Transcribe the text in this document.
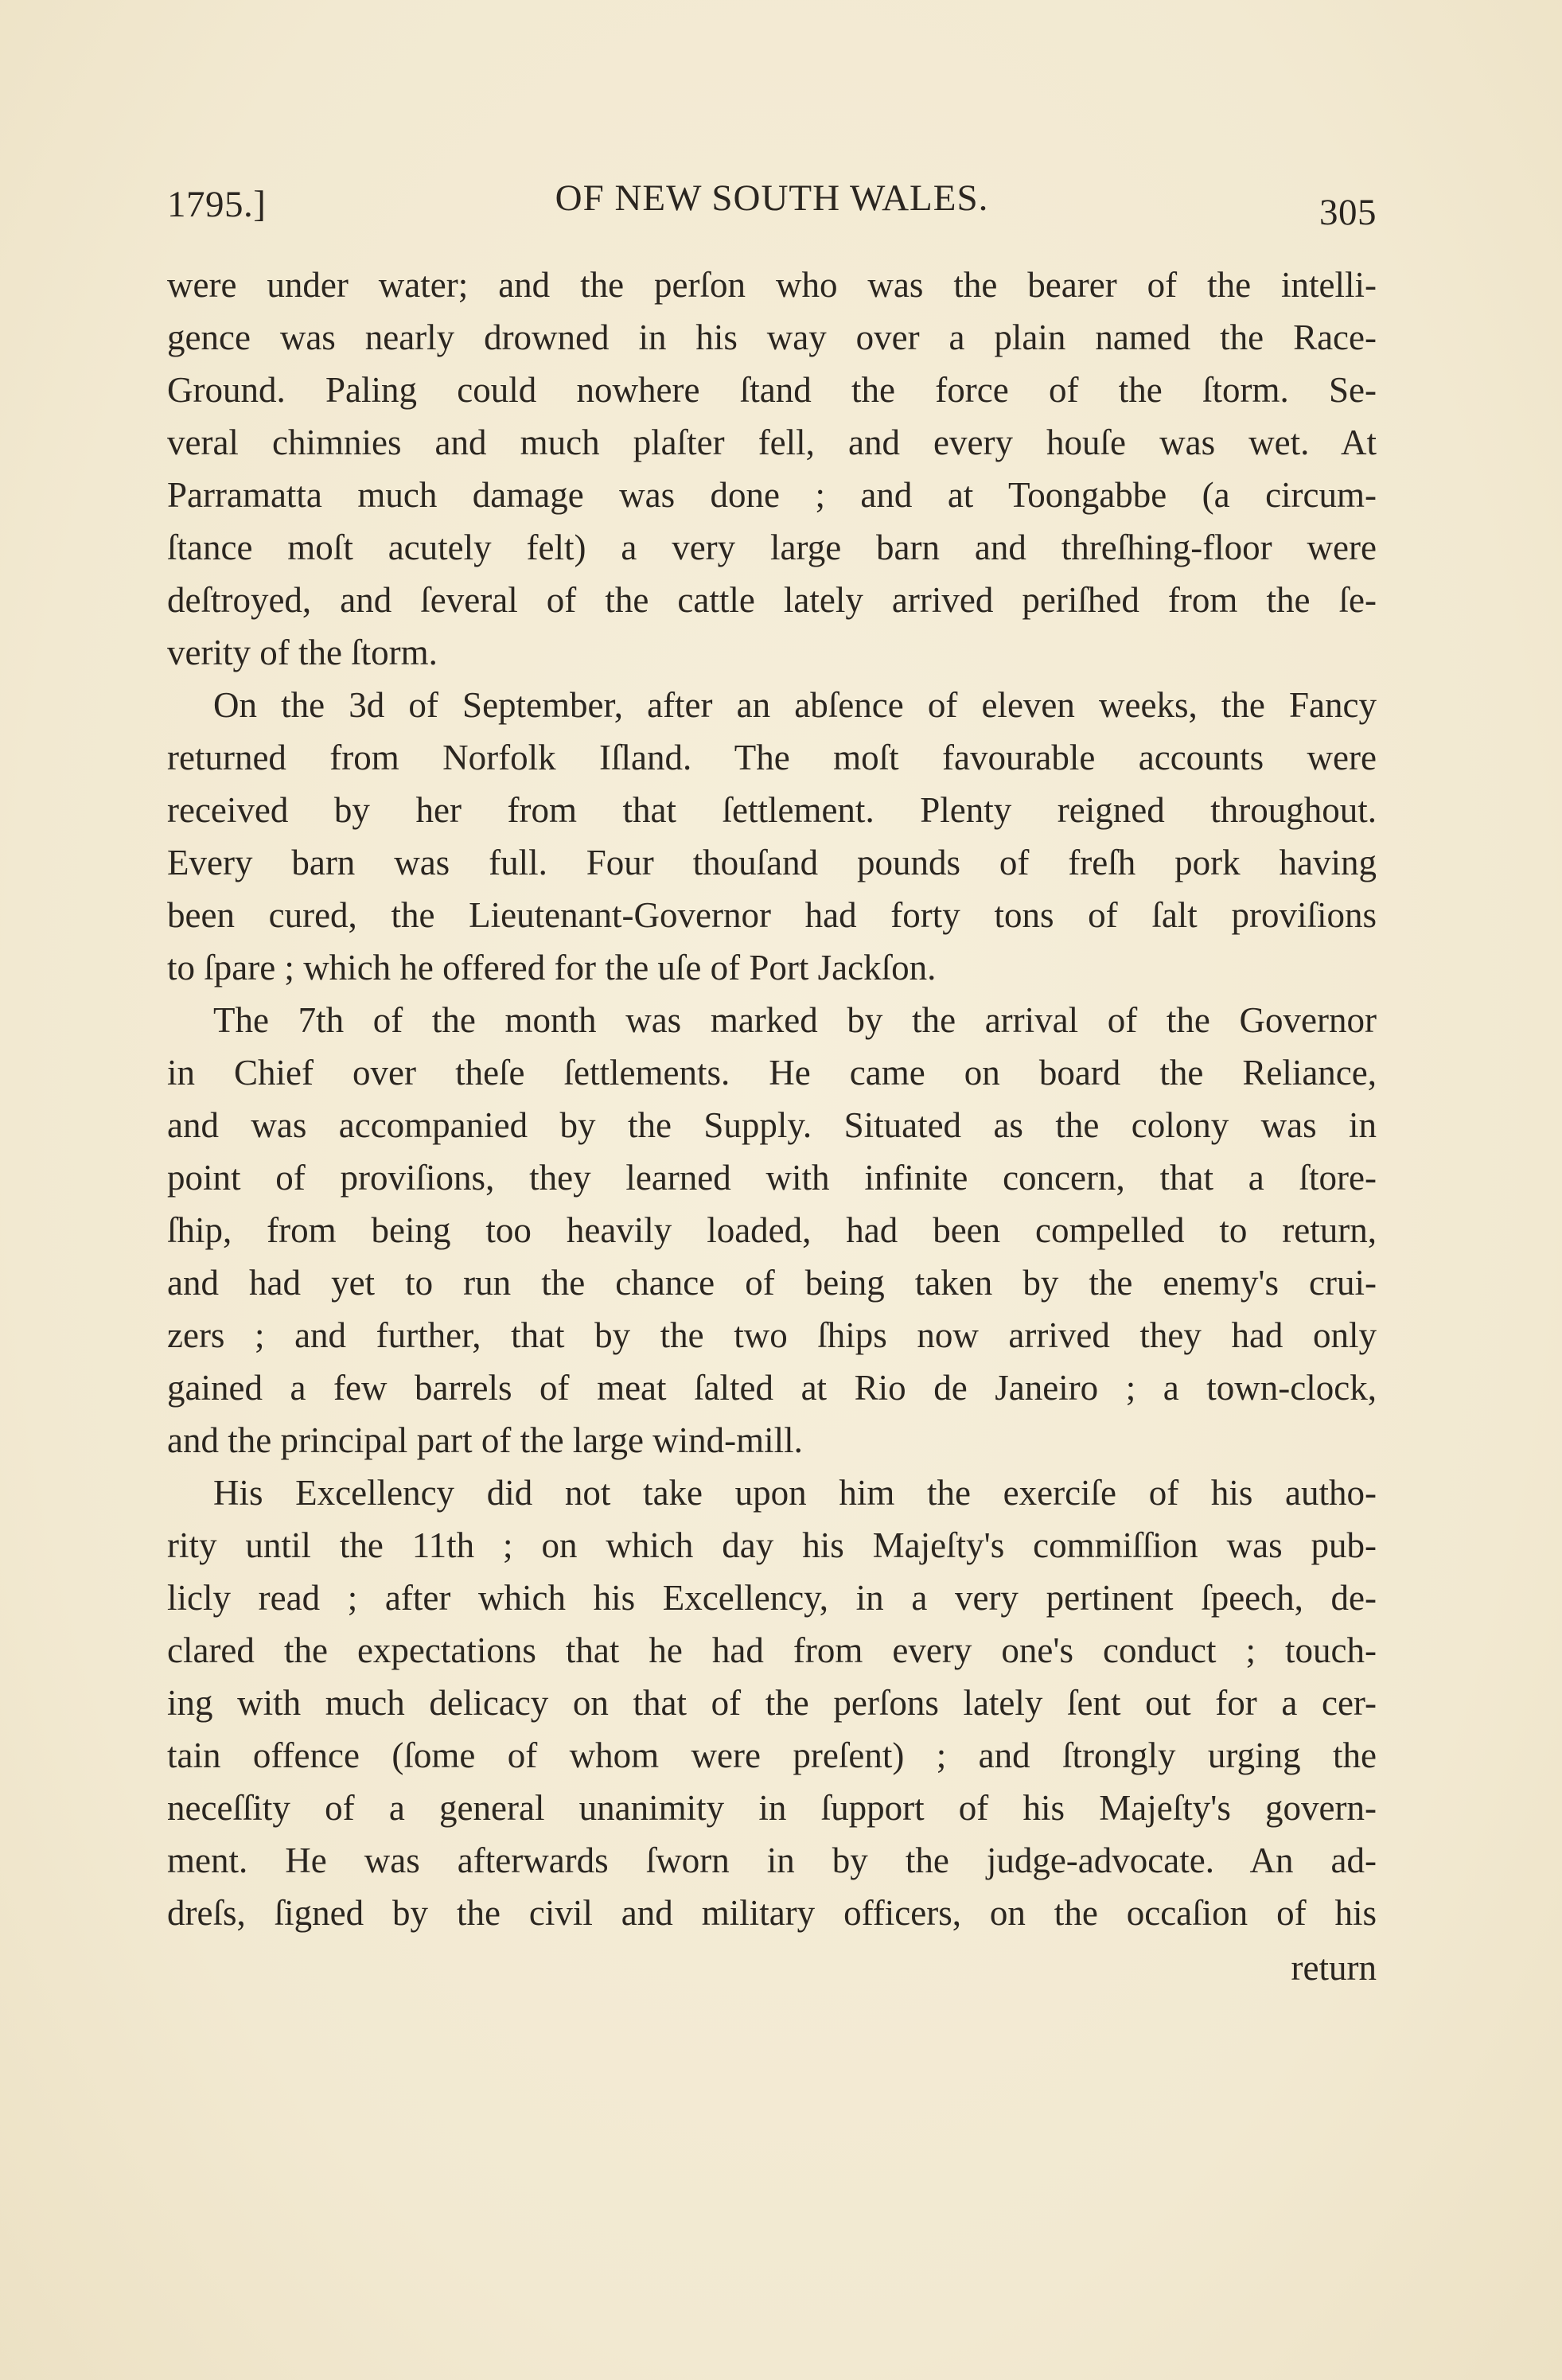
1795.]	OF NEW SOUTH WALES.	305
were under water; and the perſon who was the bearer of the intelli-
gence was nearly drowned in his way over a plain named the Race-
Ground. Paling could nowhere ſtand the force of the ſtorm. Se-
veral chimnies and much plaſter fell, and every houſe was wet. At
Parramatta much damage was done ; and at Toongabbe (a circum-
ſtance moſt acutely felt) a very large barn and threſhing-floor were
deſtroyed, and ſeveral of the cattle lately arrived periſhed from the ſe-
verity of the ſtorm.
On the 3d of September, after an abſence of eleven weeks, the Fancy
returned from Norfolk Iſland. The moſt favourable accounts were
received by her from that ſettlement. Plenty reigned throughout.
Every barn was full. Four thouſand pounds of freſh pork having
been cured, the Lieutenant-Governor had forty tons of ſalt proviſions
to ſpare ; which he offered for the uſe of Port Jackſon.
The 7th of the month was marked by the arrival of the Governor
in Chief over theſe ſettlements. He came on board the Reliance,
and was accompanied by the Supply. Situated as the colony was in
point of proviſions, they learned with infinite concern, that a ſtore-
ſhip, from being too heavily loaded, had been compelled to return,
and had yet to run the chance of being taken by the enemy's crui-
zers ; and further, that by the two ſhips now arrived they had only
gained a few barrels of meat ſalted at Rio de Janeiro ; a town-clock,
and the principal part of the large wind-mill.
His Excellency did not take upon him the exerciſe of his autho-
rity until the 11th ; on which day his Majeſty's commiſſion was pub-
licly read ; after which his Excellency, in a very pertinent ſpeech, de-
clared the expectations that he had from every one's conduct ; touch-
ing with much delicacy on that of the perſons lately ſent out for a cer-
tain offence (ſome of whom were preſent) ; and ſtrongly urging the
neceſſity of a general unanimity in ſupport of his Majeſty's govern-
ment. He was afterwards ſworn in by the judge-advocate. An ad-
dreſs, ſigned by the civil and military officers, on the occaſion of his
return
